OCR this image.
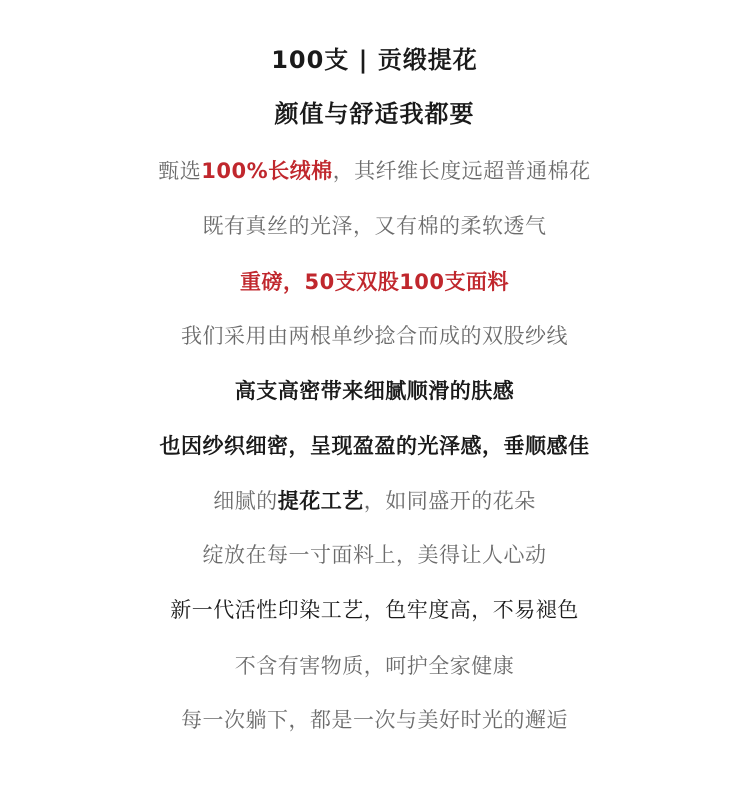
100支 | 贡缎提花
颜值与舒适我都要
甄选100%长绒棉，其纤维长度远超普通棉花
既有真丝的光泽，又有棉的柔软透气
重磅，50支双股100支面料
我们采用由两根单纱捻合而成的双股纱线
高支高密带来细腻顺滑的肤感
也因纱织细密，呈现盈盈的光泽感，垂顺感佳
细腻的提花工艺，如同盛开的花朵
绽放在每一寸面料上，美得让人心动
新一代活性印染工艺，色牢度高，不易褪色
不含有害物质，呵护全家健康
每一次躺下，都是一次与美好时光的邂逅
